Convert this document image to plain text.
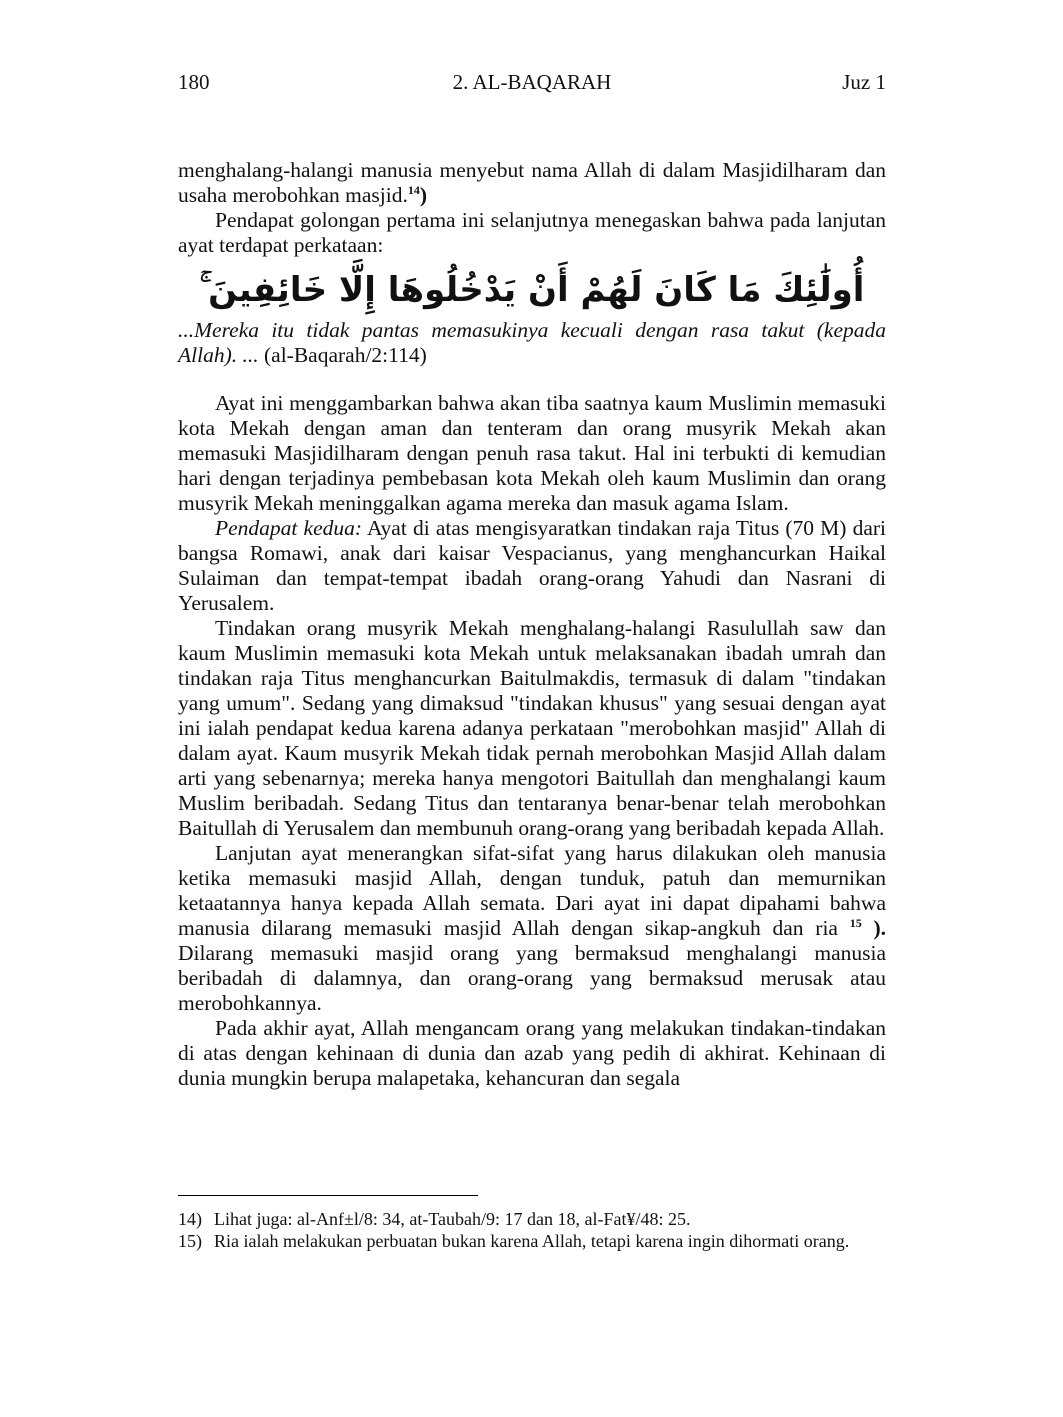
180	2. AL-BAQARAH	Juz 1

menghalang-halangi manusia menyebut nama Allah di dalam Masjidilharam dan usaha merobohkan masjid.$^{14}$)

Pendapat golongan pertama ini selanjutnya menegaskan bahwa pada lanjutan ayat terdapat perkataan:

أُولَٰئِكَ مَا كَانَ لَهُمْ أَنْ يَدْخُلُوهَا إِلَّا خَائِفِينَ ۚ

...Mereka itu tidak pantas memasukinya kecuali dengan rasa takut (kepada Allah). ... (al-Baqarah/2:114)

Ayat ini menggambarkan bahwa akan tiba saatnya kaum Muslimin memasuki kota Mekah dengan aman dan tenteram dan orang musyrik Mekah akan memasuki Masjidilharam dengan penuh rasa takut. Hal ini terbukti di kemudian hari dengan terjadinya pembebasan kota Mekah oleh kaum Muslimin dan orang musyrik Mekah meninggalkan agama mereka dan masuk agama Islam.

Pendapat kedua: Ayat di atas mengisyaratkan tindakan raja Titus (70 M) dari bangsa Romawi, anak dari kaisar Vespacianus, yang menghancurkan Haikal Sulaiman dan tempat-tempat ibadah orang-orang Yahudi dan Nasrani di Yerusalem.

Tindakan orang musyrik Mekah menghalang-halangi Rasulullah saw dan kaum Muslimin memasuki kota Mekah untuk melaksanakan ibadah umrah dan tindakan raja Titus menghancurkan Baitulmakdis, termasuk di dalam "tindakan yang umum". Sedang yang dimaksud "tindakan khusus" yang sesuai dengan ayat ini ialah pendapat kedua karena adanya perkataan "merobohkan masjid" Allah di dalam ayat. Kaum musyrik Mekah tidak pernah merobohkan Masjid Allah dalam arti yang sebenarnya; mereka hanya mengotori Baitullah dan menghalangi kaum Muslim beribadah. Sedang Titus dan tentaranya benar-benar telah merobohkan Baitullah di Yerusalem dan membunuh orang-orang yang beribadah kepada Allah.

Lanjutan ayat menerangkan sifat-sifat yang harus dilakukan oleh manusia ketika memasuki masjid Allah, dengan tunduk, patuh dan memurnikan ketaatannya hanya kepada Allah semata. Dari ayat ini dapat dipahami bahwa manusia dilarang memasuki masjid Allah dengan sikap-angkuh dan ria $^{15}$ ). Dilarang memasuki masjid orang yang bermaksud menghalangi manusia beribadah di dalamnya, dan orang-orang yang bermaksud merusak atau merobohkannya.

Pada akhir ayat, Allah mengancam orang yang melakukan tindakan-tindakan di atas dengan kehinaan di dunia dan azab yang pedih di akhirat. Kehinaan di dunia mungkin berupa malapetaka, kehancuran dan segala

14) Lihat juga: al-Anf±l/8: 34, at-Taubah/9: 17 dan 18, al-Fat¥/48: 25.
15) Ria ialah melakukan perbuatan bukan karena Allah, tetapi karena ingin dihormati orang.
